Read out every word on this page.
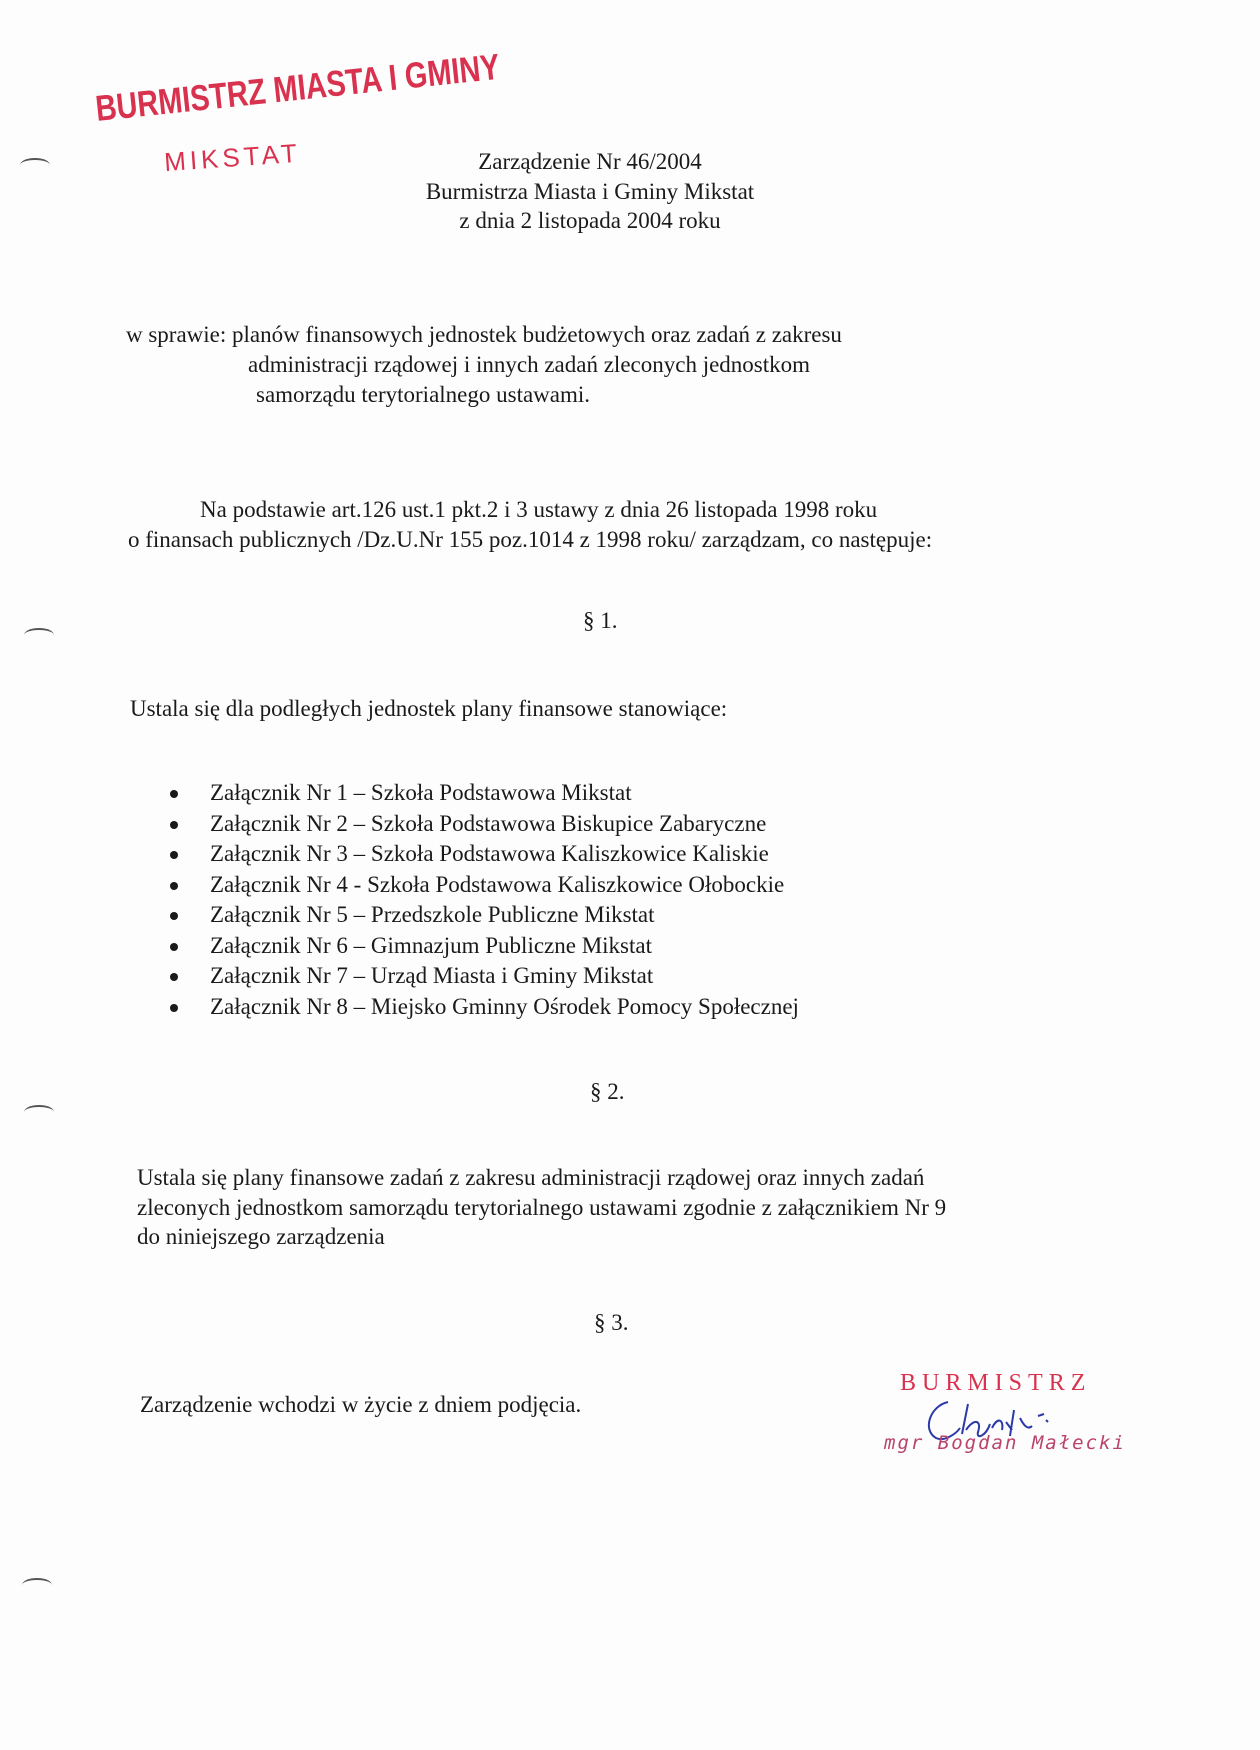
BURMISTRZ MIASTA I GMINY
MIKSTAT	Zarządzenie Nr 46/2004

Burmistrza Miasta i Gminy Mikstat

z dnia 2 listopada 2004 roku

w sprawie: planów finansowych jednostek budżetowych oraz zadań z zakresu

administracji rządowej i innych zadań zleconych jednostkom

samorządu terytorialnego ustawami.

Na podstawie art.126 ust.1 pkt.2 i 3 ustawy z dnia 26 listopada 1998 roku

o finansach publicznych /Dz.U.Nr 155 poz.1014 z 1998 roku/ zarządzam, co następuje:

§ 1.

Ustala się dla podległych jednostek plany finansowe stanowiące:

Załącznik Nr 1 – Szkoła Podstawowa Mikstat
Załącznik Nr 2 – Szkoła Podstawowa Biskupice Zabaryczne
Załącznik Nr 3 – Szkoła Podstawowa Kaliszkowice Kaliskie
Załącznik Nr 4 - Szkoła Podstawowa Kaliszkowice Ołobockie
Załącznik Nr 5 – Przedszkole Publiczne Mikstat
Załącznik Nr 6 – Gimnazjum Publiczne Mikstat
Załącznik Nr 7 – Urząd Miasta i Gminy Mikstat
Załącznik Nr 8 – Miejsko Gminny Ośrodek Pomocy Społecznej

§ 2.

Ustala się plany finansowe zadań z zakresu administracji rządowej oraz innych zadań

zleconych jednostkom samorządu terytorialnego ustawami zgodnie z załącznikiem Nr 9

do niniejszego zarządzenia

§ 3.

Zarządzenie wchodzi w życie z dniem podjęcia.

BURMISTRZ
mgr Bogdan Małecki
